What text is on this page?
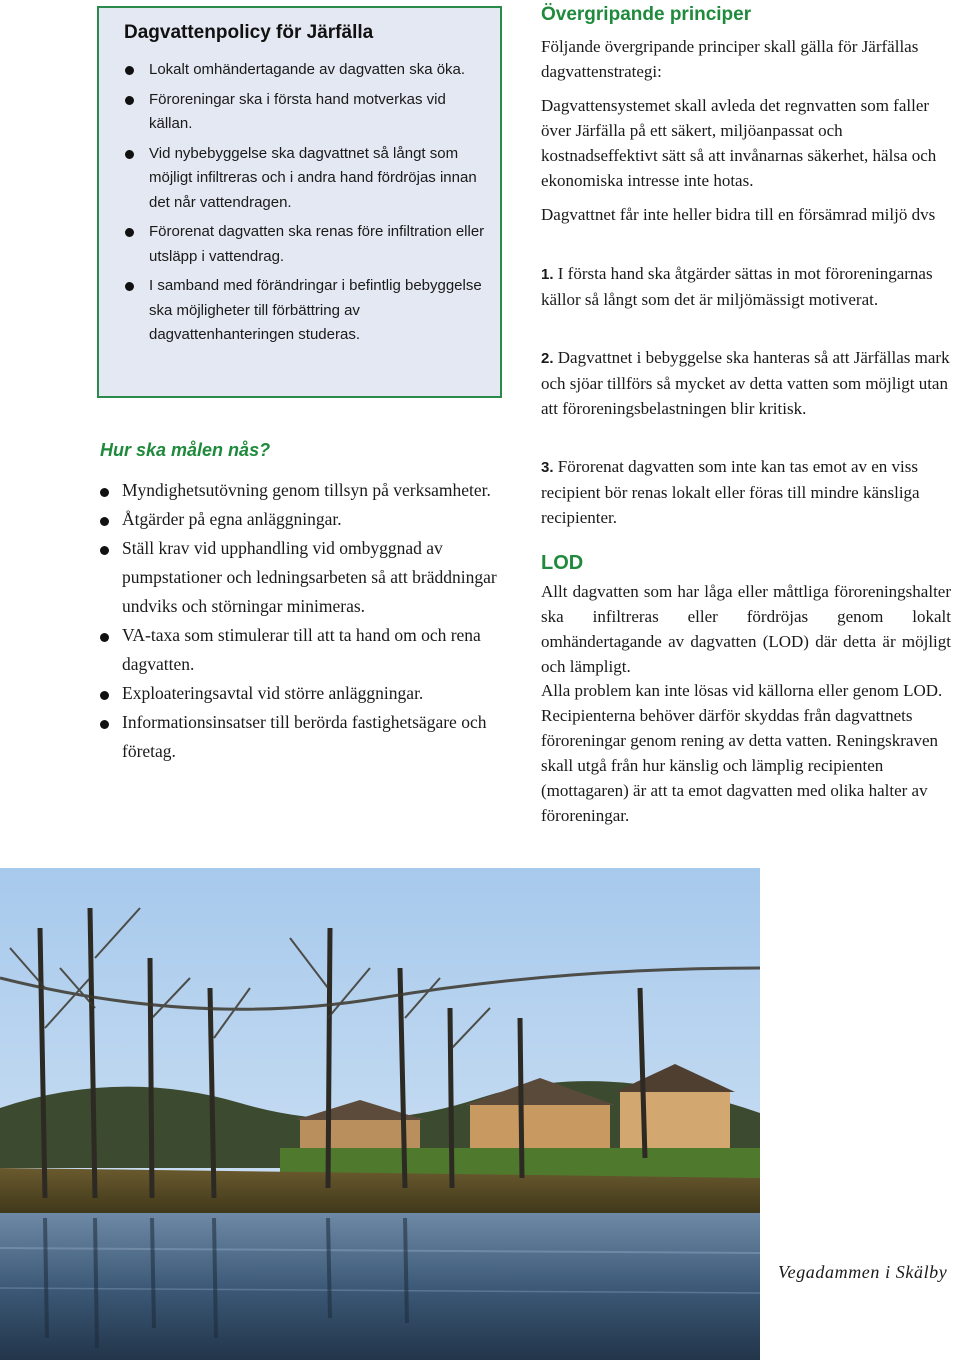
Dagvattenpolicy för Järfälla
Lokalt omhändertagande av dagvatten ska öka.
Föroreningar ska i första hand motverkas vid källan.
Vid nybebyggelse ska dagvattnet så långt som möjligt infiltreras och i andra hand fördröjas innan det når vattendragen.
Förorenat dagvatten ska renas före infiltration eller utsläpp i vattendrag.
I samband med förändringar i befintlig bebyggelse ska möjligheter till förbättring av dagvattenhanteringen studeras.
Hur ska målen nås?
Myndighetsutövning genom tillsyn på verksamheter.
Åtgärder på egna anläggningar.
Ställ krav vid upphandling vid ombyggnad av pumpstationer och ledningsarbeten så att bräddningar undviks och störningar minimeras.
VA-taxa som stimulerar till att ta hand om och rena dagvatten.
Exploateringsavtal vid större anläggningar.
Informationsinsatser till berörda fastighetsägare och företag.
Övergripande principer

Följande övergripande principer skall gälla för Järfällas dagvattenstrategi:

Dagvattensystemet skall avleda det regnvatten som faller över Järfälla på ett säkert, miljöanpassat och kostnadseffektivt sätt så att invånarnas säkerhet, hälsa och ekonomiska intresse inte hotas.

Dagvattnet får inte heller bidra till en försämrad miljö dvs

1. I första hand ska åtgärder sättas in mot föroreningarnas källor så långt som det är miljömässigt motiverat.

2. Dagvattnet i bebyggelse ska hanteras så att Järfällas mark och sjöar tillförs så mycket av detta vatten som möjligt utan att föroreningsbelastningen blir kritisk.

3. Förorenat dagvatten som inte kan tas emot av en viss recipient bör renas lokalt eller föras till mindre känsliga recipienter.

LOD

Allt dagvatten som har låga eller måttliga föroreningshalter ska infiltreras eller fördröjas genom lokalt omhändertagande av dagvatten (LOD) där detta är möjligt och lämpligt.

Alla problem kan inte lösas vid källorna eller genom LOD. Recipienterna behöver därför skyddas från dagvattnets föroreningar genom rening av detta vatten. Reningskraven skall utgå från hur känslig och lämplig recipienten (mottagaren) är att ta emot dagvatten med olika halter av föroreningar.

Vegadammen i Skälby
